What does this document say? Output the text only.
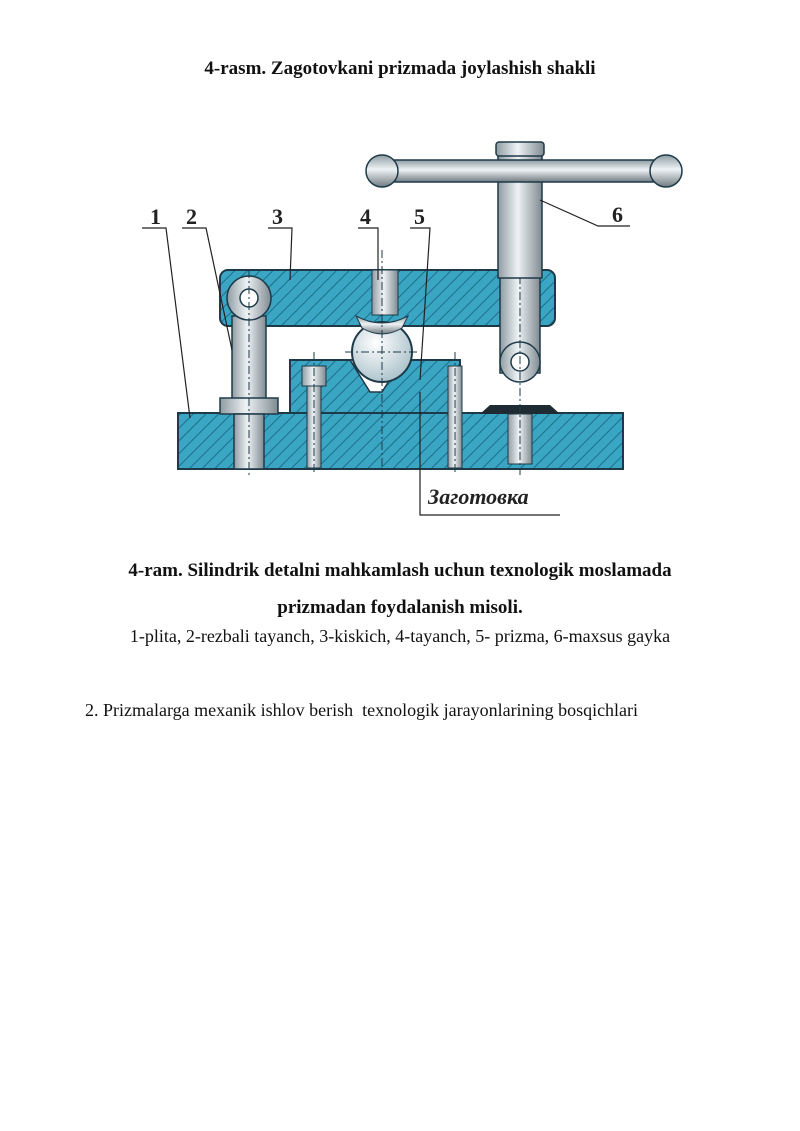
4-rasm. Zagotovkani prizmada joylashish shakli
1 2	3	4 5	6
Заготовка
4-ram. Silindrik detalni mahkamlash uchun texnologik moslamada
prizmadan foydalanish misoli.
1-plita, 2-rezbali tayanch, 3-kiskich, 4-tayanch, 5- prizma, 6-maxsus gayka
2. Prizmalarga mexanik ishlov berish  texnologik jarayonlarining bosqichlari
